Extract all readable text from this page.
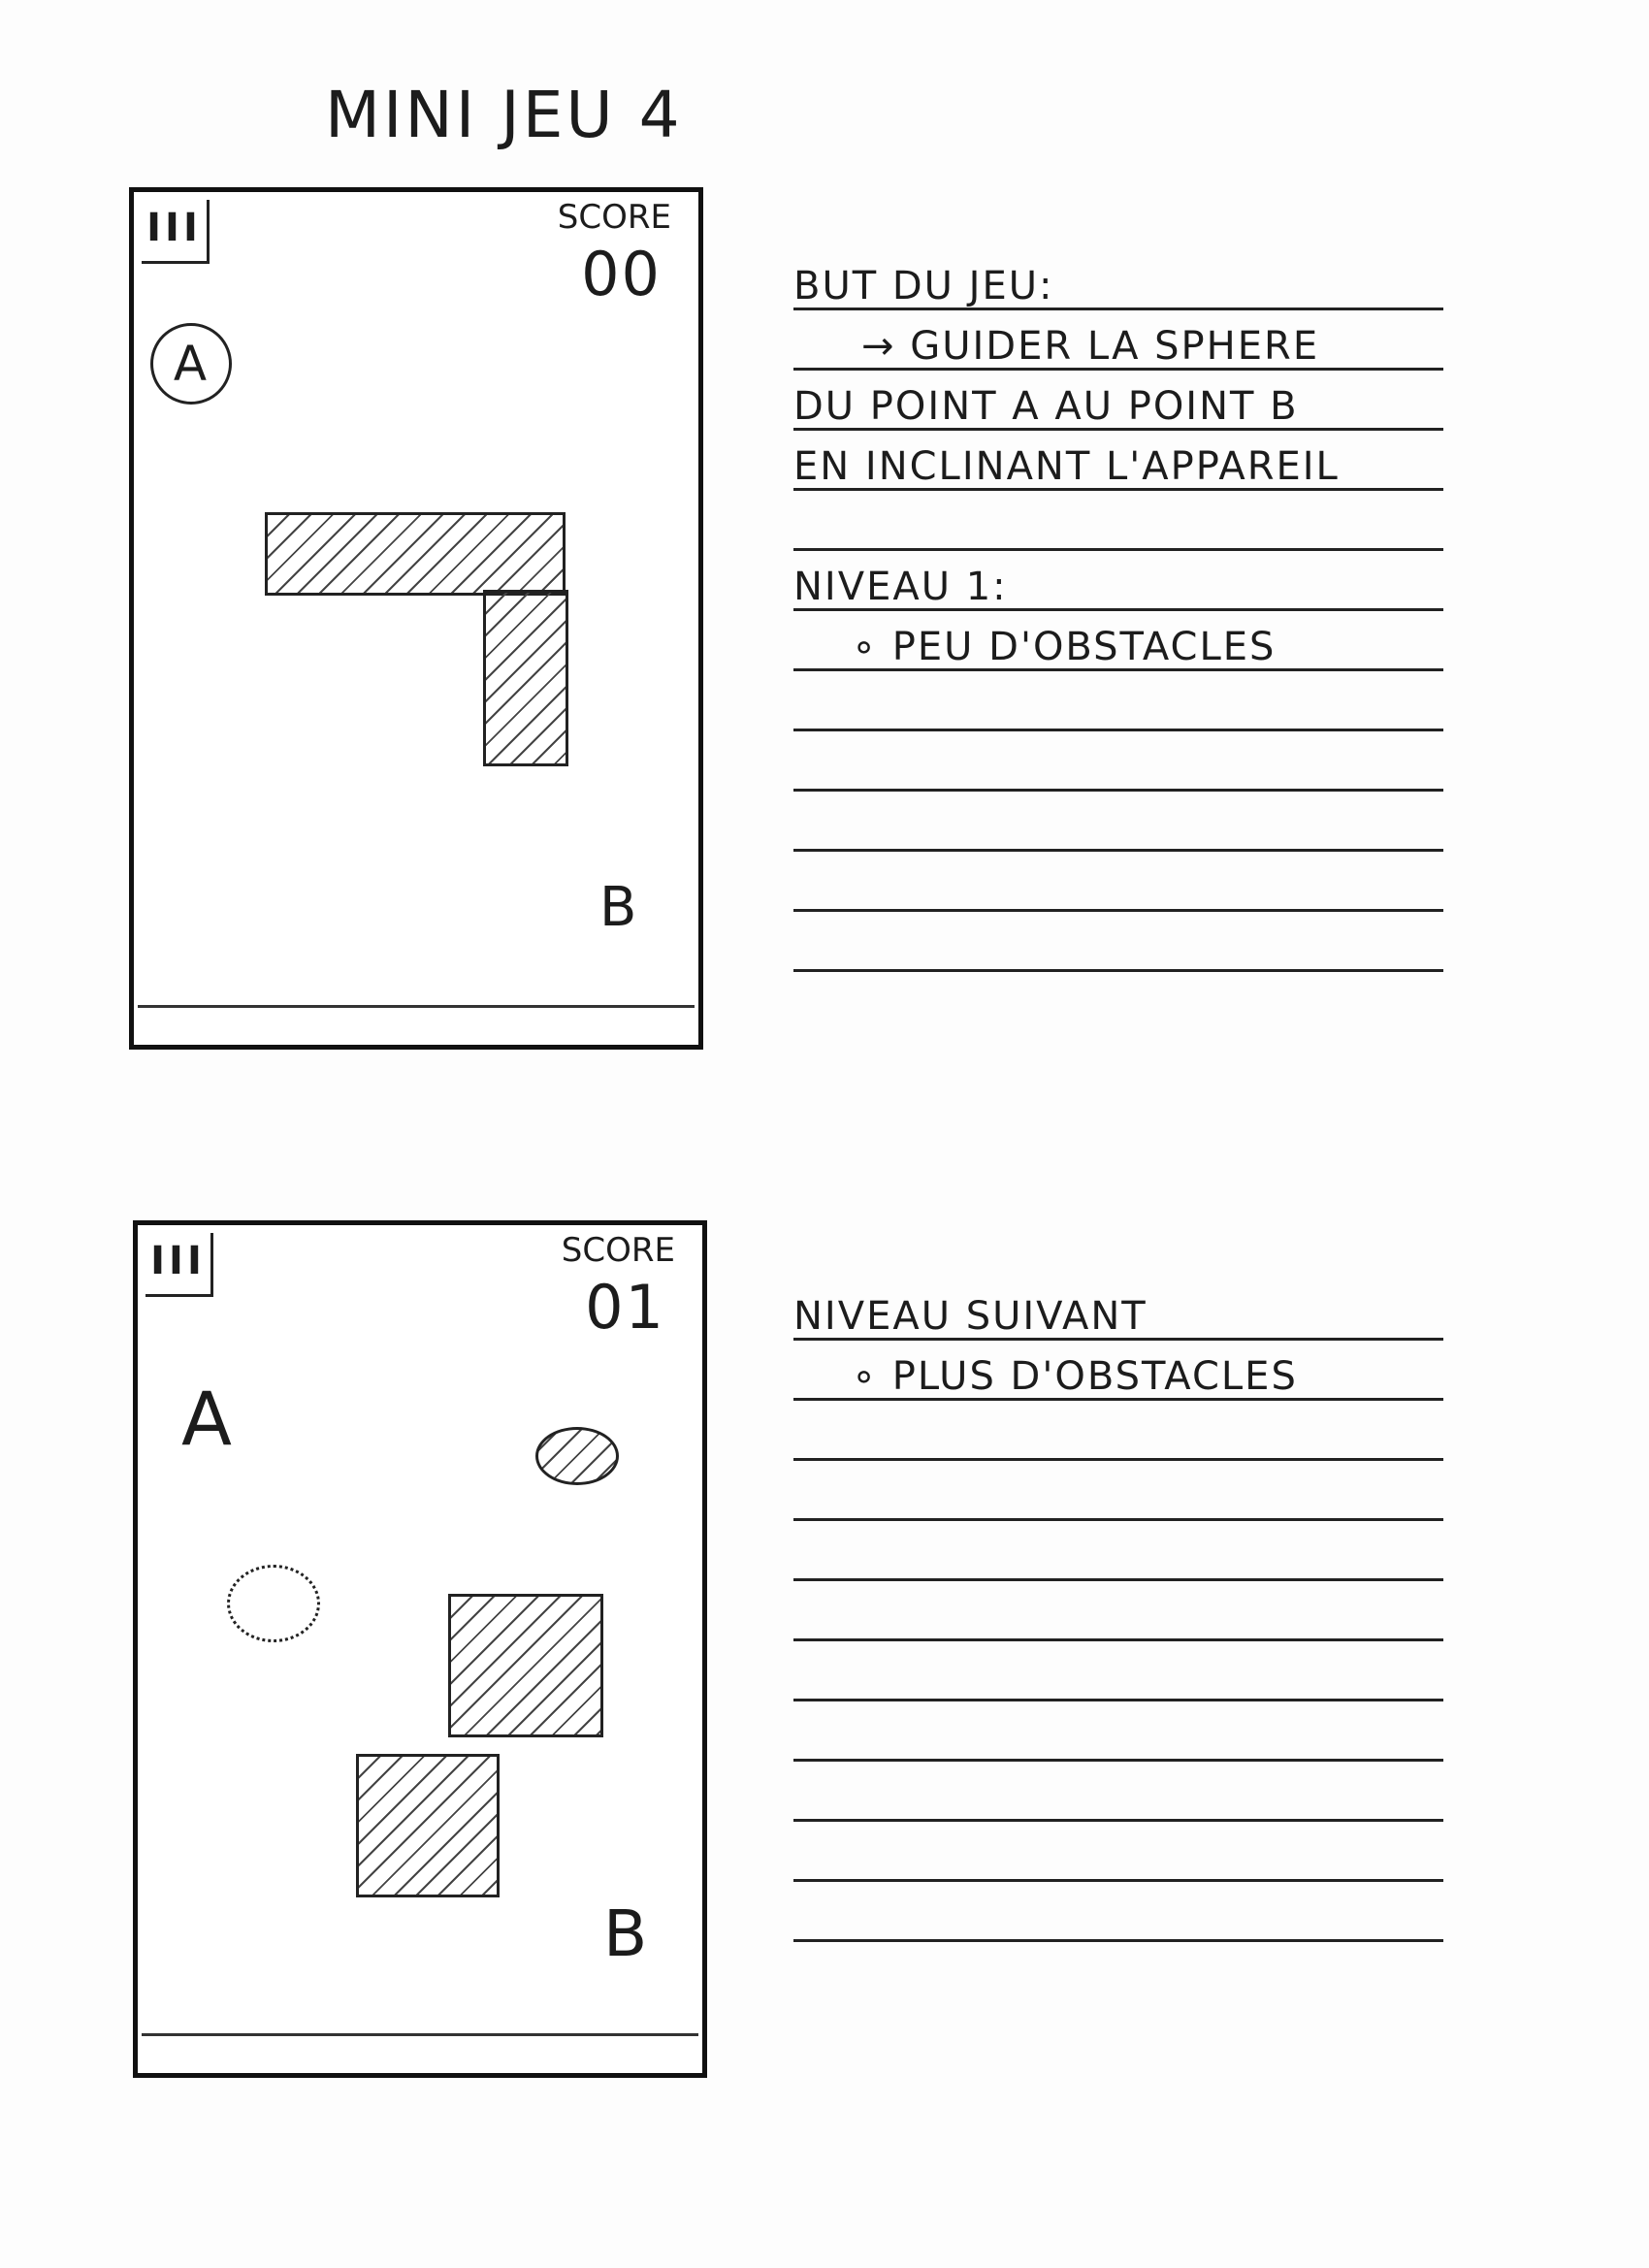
MINI JEU 4
III	SCORE
00
A
B
BUT DU JEU:
→ GUIDER LA SPHERE
DU POINT A AU POINT B
EN INCLINANT L'APPAREIL
NIVEAU 1:
∘ PEU D'OBSTACLES
III	SCORE
01
A
B
NIVEAU SUIVANT
∘ PLUS D'OBSTACLES
